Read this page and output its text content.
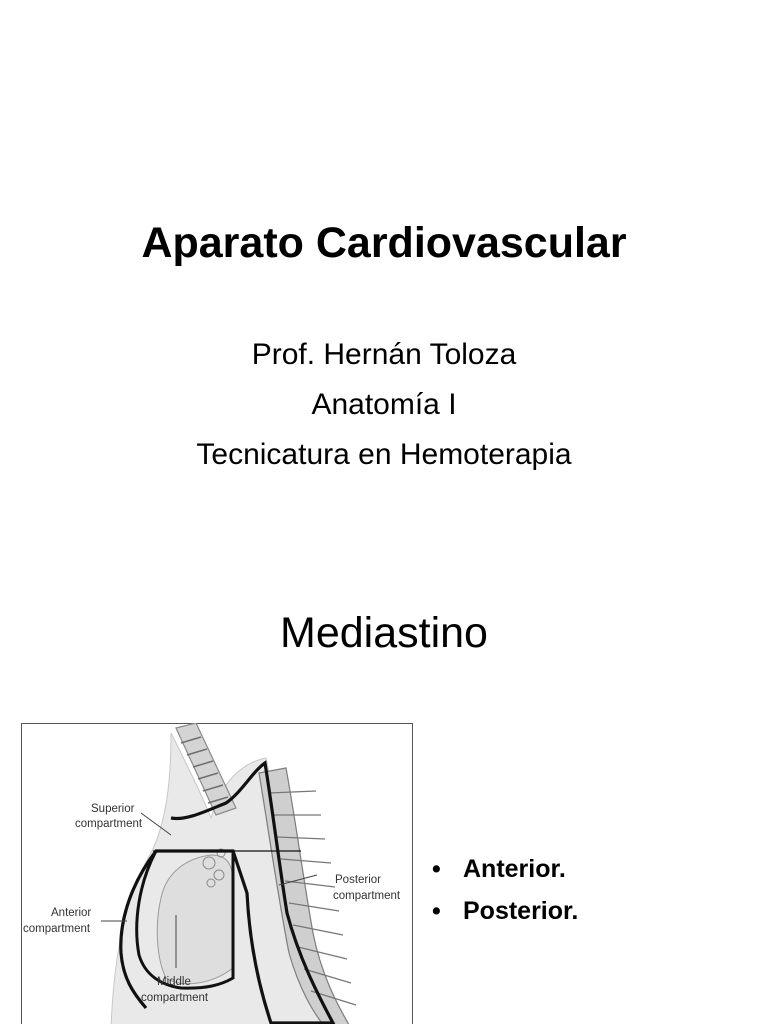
Aparato Cardiovascular
Prof. Hernán Toloza
Anatomía I
Tecnicatura en Hemoterapia
Mediastino
Superior
compartment
Posterior
compartment
Anterior
compartment
Middle
compartment
• Anterior.
• Posterior.
